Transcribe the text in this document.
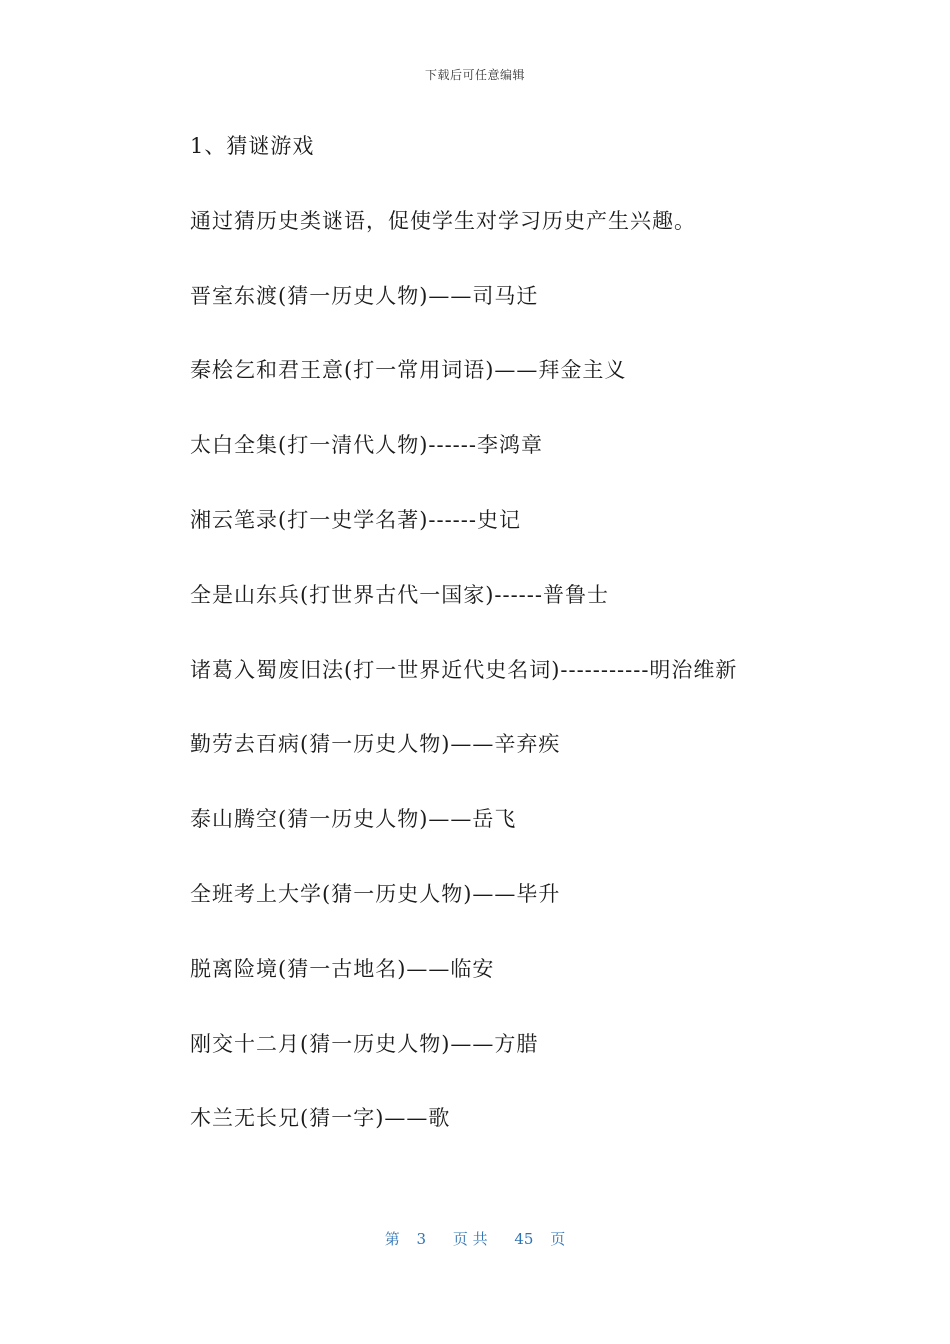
下载后可任意编辑
1、猜谜游戏
通过猜历史类谜语，促使学生对学习历史产生兴趣。
晋室东渡(猜一历史人物)——司马迁
秦桧乞和君王意(打一常用词语)——拜金主义
太白全集(打一清代人物)------李鸿章
湘云笔录(打一史学名著)------史记
全是山东兵(打世界古代一国家)------普鲁士
诸葛入蜀废旧法(打一世界近代史名词)-----------明治维新
勤劳去百病(猜一历史人物)——辛弃疾
泰山腾空(猜一历史人物)——岳飞
全班考上大学(猜一历史人物)——毕升
脱离险境(猜一古地名)——临安
刚交十二月(猜一历史人物)——方腊
木兰无长兄(猜一字)——歌
第 3 页 共 45 页
